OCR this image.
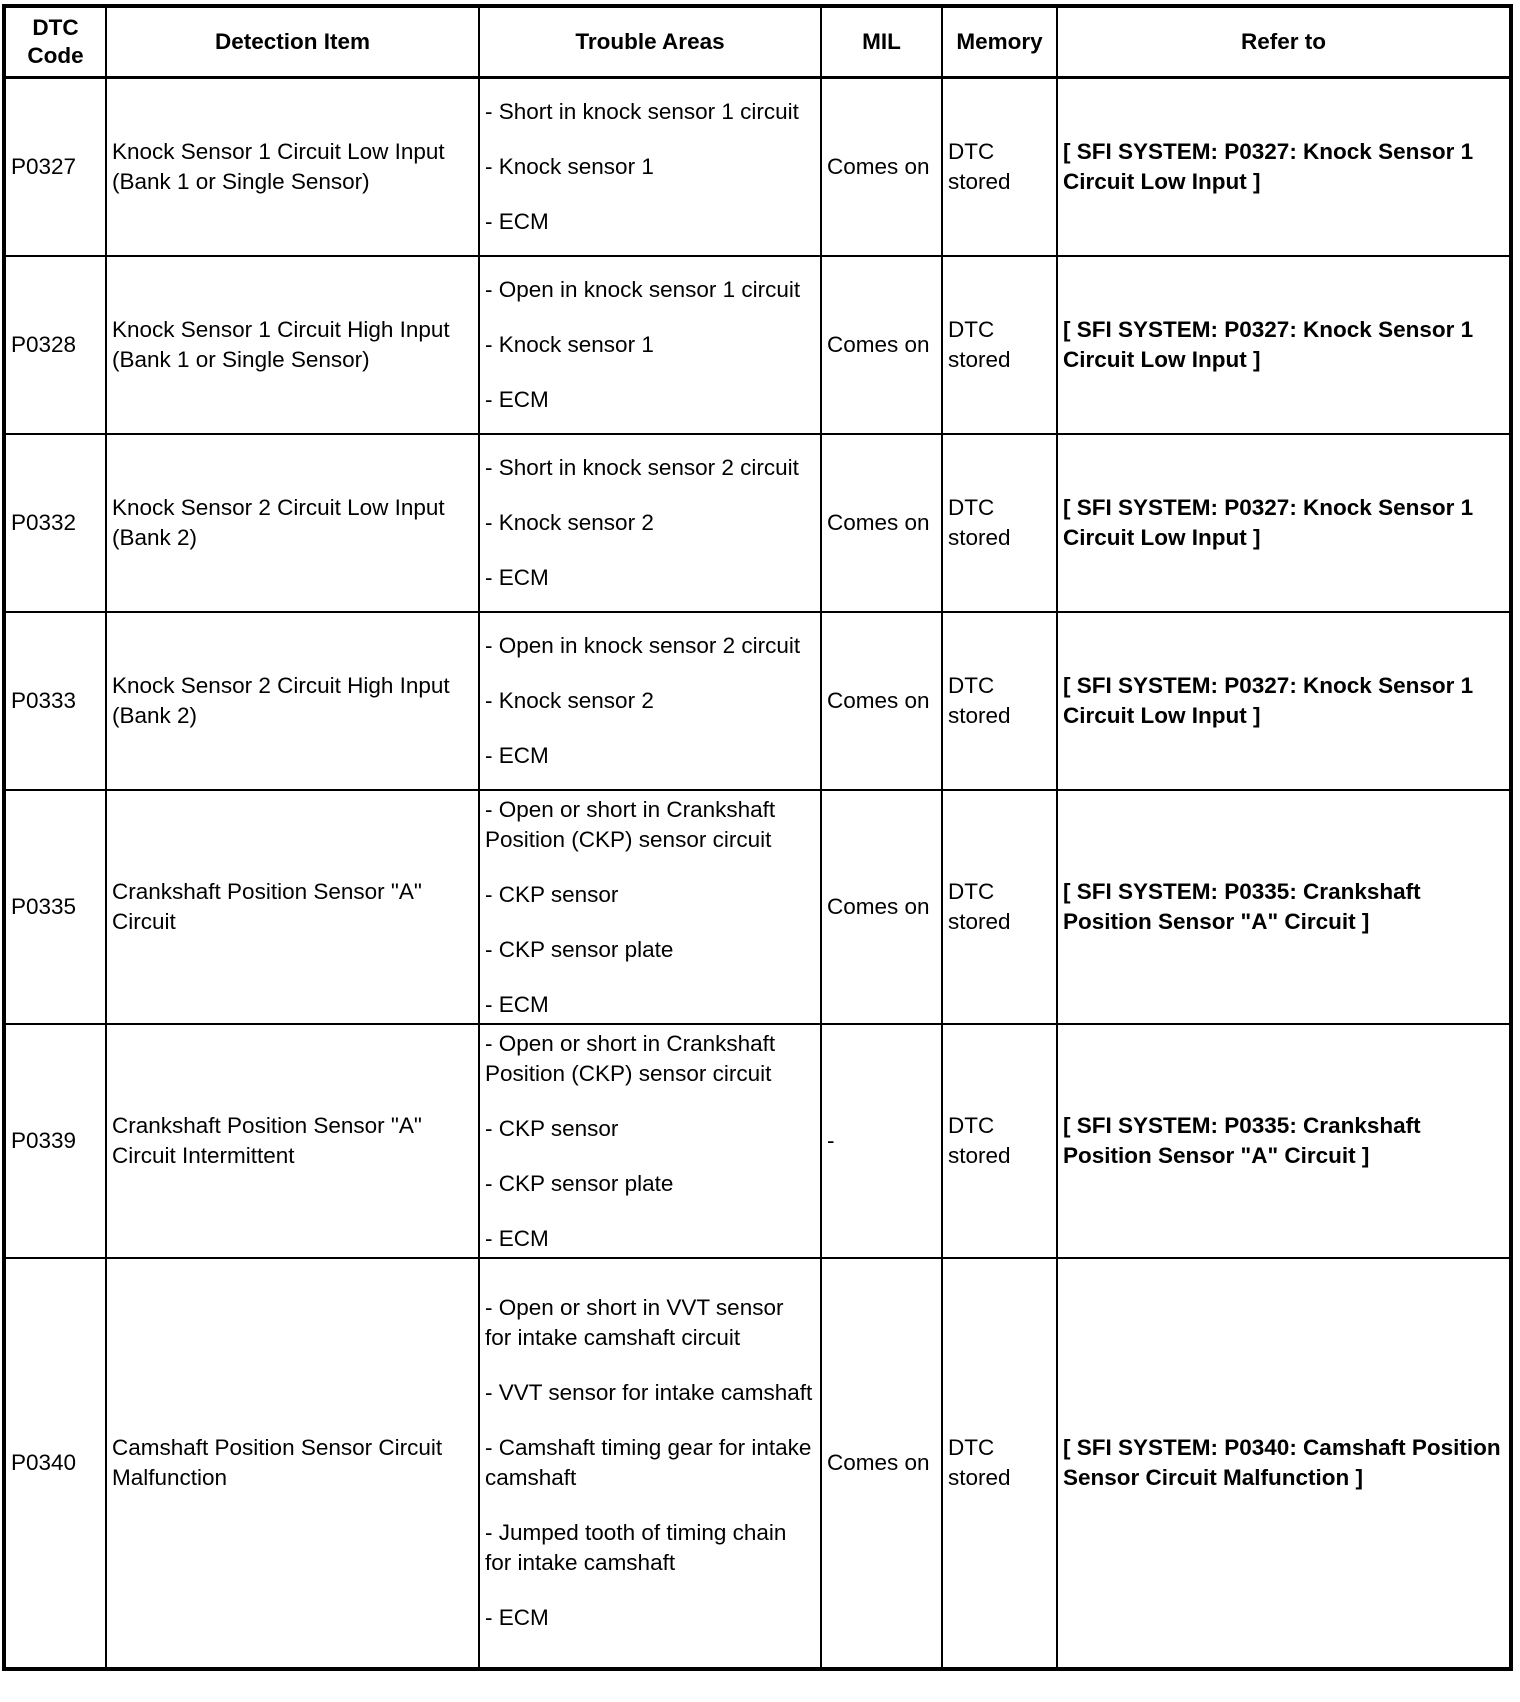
DTC Code	Detection Item	Trouble Areas	MIL	Memory	Refer to
P0327	Knock Sensor 1 Circuit Low Input (Bank 1 or Single Sensor)	- Short in knock sensor 1 circuit
- Knock sensor 1
- ECM	Comes on	DTC stored	[ SFI SYSTEM: P0327: Knock Sensor 1 Circuit Low Input ]
P0328	Knock Sensor 1 Circuit High Input (Bank 1 or Single Sensor)	- Open in knock sensor 1 circuit
- Knock sensor 1
- ECM	Comes on	DTC stored	[ SFI SYSTEM: P0327: Knock Sensor 1 Circuit Low Input ]
P0332	Knock Sensor 2 Circuit Low Input (Bank 2)	- Short in knock sensor 2 circuit
- Knock sensor 2
- ECM	Comes on	DTC stored	[ SFI SYSTEM: P0327: Knock Sensor 1 Circuit Low Input ]
P0333	Knock Sensor 2 Circuit High Input (Bank 2)	- Open in knock sensor 2 circuit
- Knock sensor 2
- ECM	Comes on	DTC stored	[ SFI SYSTEM: P0327: Knock Sensor 1 Circuit Low Input ]
P0335	Crankshaft Position Sensor "A" Circuit	- Open or short in Crankshaft Position (CKP) sensor circuit
- CKP sensor
- CKP sensor plate
- ECM	Comes on	DTC stored	[ SFI SYSTEM: P0335: Crankshaft Position Sensor "A" Circuit ]
P0339	Crankshaft Position Sensor "A" Circuit Intermittent	- Open or short in Crankshaft Position (CKP) sensor circuit
- CKP sensor
- CKP sensor plate
- ECM	-	DTC stored	[ SFI SYSTEM: P0335: Crankshaft Position Sensor "A" Circuit ]
P0340	Camshaft Position Sensor Circuit Malfunction	- Open or short in VVT sensor for intake camshaft circuit
- VVT sensor for intake camshaft
- Camshaft timing gear for intake camshaft
- Jumped tooth of timing chain for intake camshaft
- ECM	Comes on	DTC stored	[ SFI SYSTEM: P0340: Camshaft Position Sensor Circuit Malfunction ]
